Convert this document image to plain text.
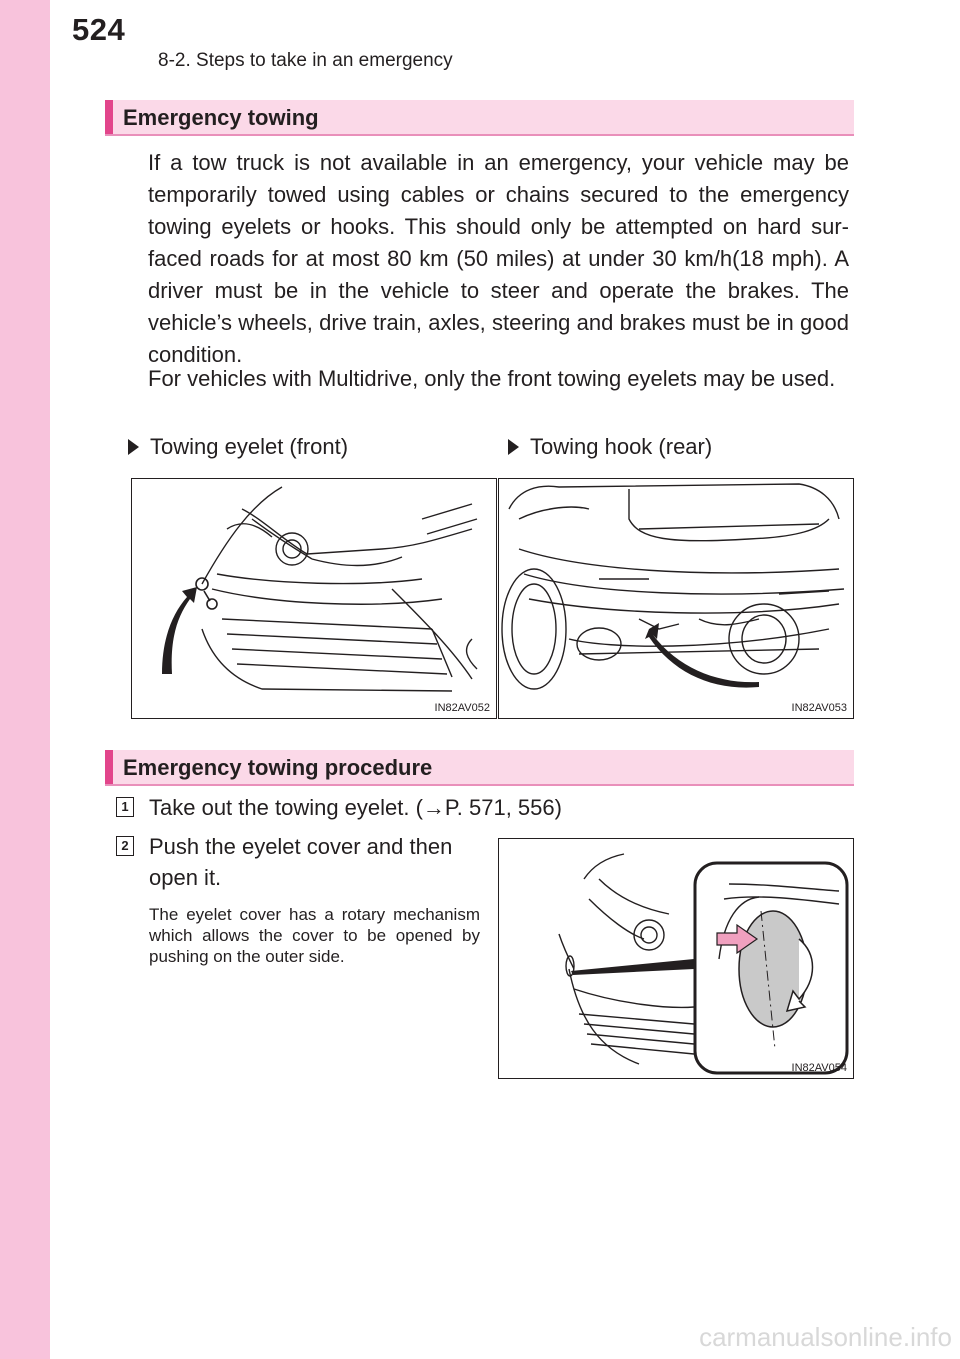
524
8-2. Steps to take in an emergency
Emergency towing

If a tow truck is not available in an emergency, your vehicle may be temporarily towed using cables or chains secured to the emergency towing eyelets or hooks. This should only be attempted on hard sur-faced roads for at most 80 km (50 miles) at under 30 km/h(18 mph). A driver must be in the vehicle to steer and operate the brakes. The vehicle’s wheels, drive train, axles, steering and brakes must be in good condition.

For vehicles with Multidrive, only the front towing eyelets may be used.

Towing eyelet (front)	Towing hook (rear)
IN82AV052	IN82AV053
Emergency towing procedure
1 Take out the towing eyelet. (→P. 571, 556)
2 Push the eyelet cover and then
open it.

The eyelet cover has a rotary mechanism which allows the cover to be opened by pushing on the outer side.

IN82AV054
carmanualsonline.info
